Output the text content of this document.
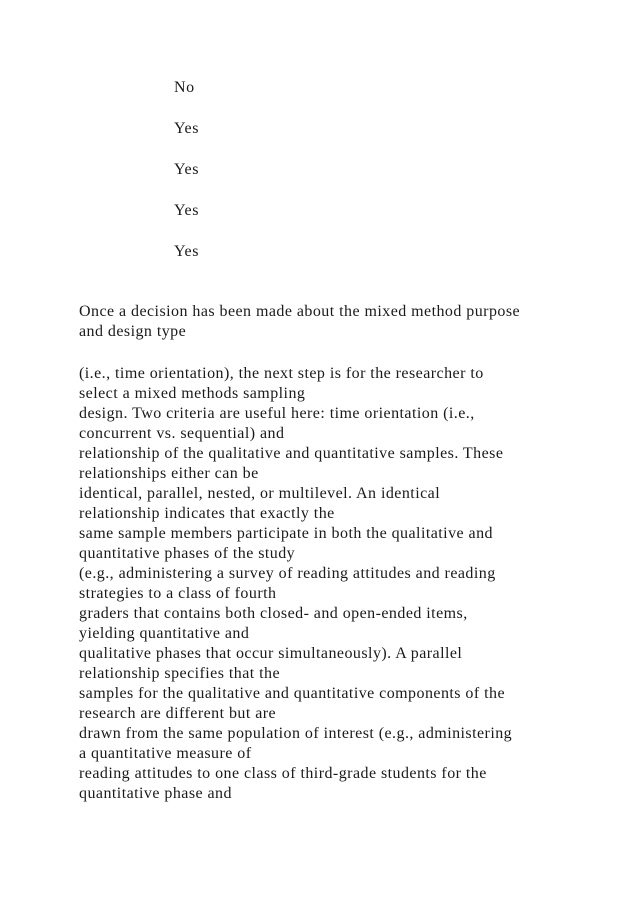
No
Yes
Yes
Yes
Yes

Once a decision has been made about the mixed method purpose
and design type

(i.e., time orientation), the next step is for the researcher to
select a mixed methods sampling
design. Two criteria are useful here: time orientation (i.e.,
concurrent vs. sequential) and
relationship of the qualitative and quantitative samples. These
relationships either can be
identical, parallel, nested, or multilevel. An identical
relationship indicates that exactly the
same sample members participate in both the qualitative and
quantitative phases of the study
(e.g., administering a survey of reading attitudes and reading
strategies to a class of fourth
graders that contains both closed- and open-ended items,
yielding quantitative and
qualitative phases that occur simultaneously). A parallel
relationship specifies that the
samples for the qualitative and quantitative components of the
research are different but are
drawn from the same population of interest (e.g., administering
a quantitative measure of
reading attitudes to one class of third-grade students for the
quantitative phase and
